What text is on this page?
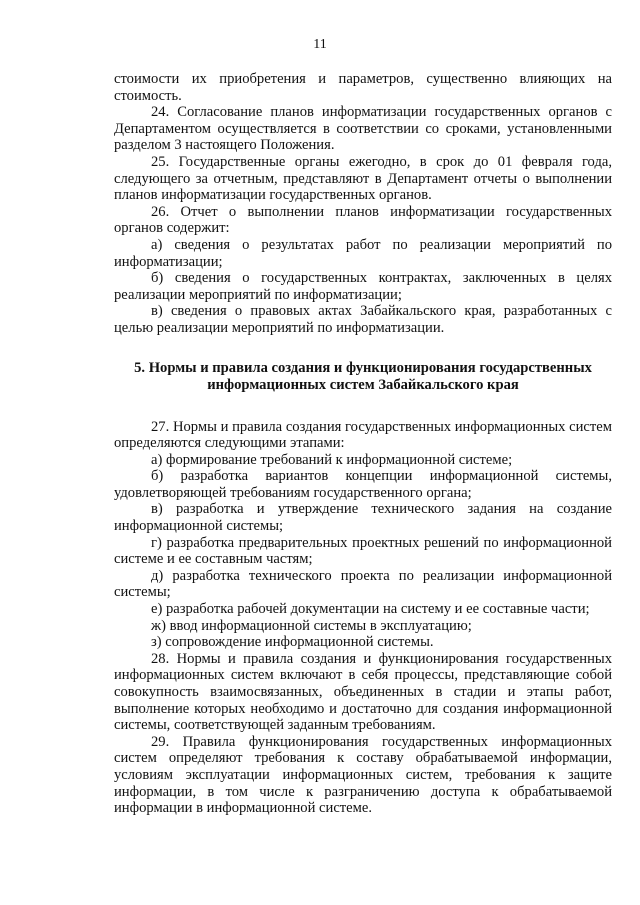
11

стоимости их приобретения и параметров, существенно влияющих на стоимость.

24. Согласование планов информатизации государственных органов с Департаментом осуществляется в соответствии со сроками, установленными разделом 3 настоящего Положения.

25. Государственные органы ежегодно, в срок до 01 февраля года, следующего за отчетным, представляют в Департамент отчеты о выполнении планов информатизации государственных органов.

26. Отчет о выполнении планов информатизации государственных органов содержит:

а) сведения о результатах работ по реализации мероприятий по информатизации;

б) сведения о государственных контрактах, заключенных в целях реализации мероприятий по информатизации;

в) сведения о правовых актах Забайкальского края, разработанных с целью реализации мероприятий по информатизации.

5. Нормы и правила создания и функционирования государственных
информационных систем Забайкальского края

27. Нормы и правила создания государственных информационных систем определяются следующими этапами:

а) формирование требований к информационной системе;

б) разработка вариантов концепции информационной системы, удовлетворяющей требованиям государственного органа;

в) разработка и утверждение технического задания на создание информационной системы;

г) разработка предварительных проектных решений по информационной системе и ее составным частям;

д) разработка технического проекта по реализации информационной системы;

е) разработка рабочей документации на систему и ее составные части;

ж) ввод информационной системы в эксплуатацию;

з) сопровождение информационной системы.

28. Нормы и правила создания и функционирования государственных информационных систем включают в себя процессы, представляющие собой совокупность взаимосвязанных, объединенных в стадии и этапы работ, выполнение которых необходимо и достаточно для создания информационной системы, соответствующей заданным требованиям.

29. Правила функционирования государственных информационных систем определяют требования к составу обрабатываемой информации, условиям эксплуатации информационных систем, требования к защите информации, в том числе к разграничению доступа к обрабатываемой информации в информационной системе.
